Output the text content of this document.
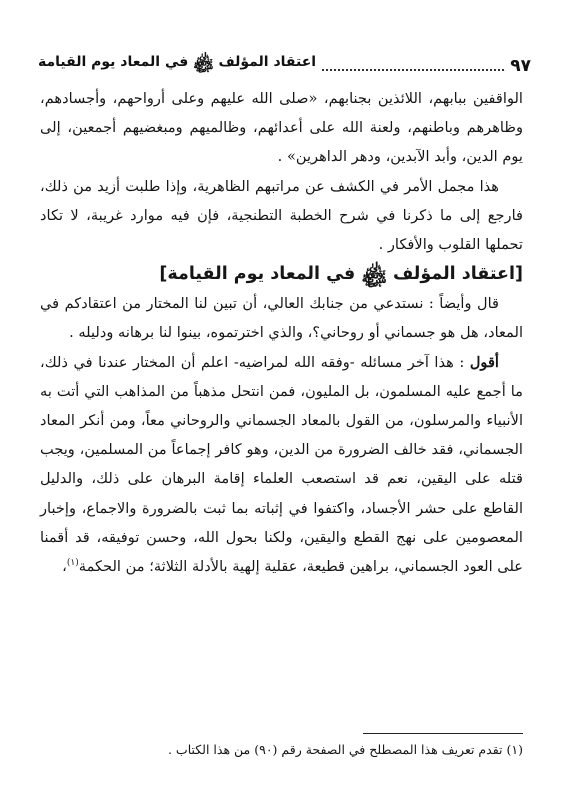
اعتقاد المؤلف ﷾ في المعاد يوم القيامة	٩٧

الواقفين ببابهم، اللائذين بجنابهم، «صلى الله عليهم وعلى أرواحهم، وأجسادهم، وظاهرهم وباطنهم، ولعنة الله على أعدائهم، وظالميهم ومبغضيهم أجمعين، إلى يوم الدين، وأبد الآبدين، ودهر الداهرين» .

هذا مجمل الأمر في الكشف عن مراتبهم الظاهرية، وإذا طلبت أزيد من ذلك، فارجع إلى ما ذكرنا في شرح الخطبة التطنجية، فإن فيه موارد غريبة، لا تكاد تحملها القلوب والأفكار .

[اعتقاد المؤلف ﷾ في المعاد يوم القيامة]

قال وأيضاً : نستدعي من جنابك العالي، أن تبين لنا المختار من اعتقادكم في المعاد، هل هو جسماني أو روحاني؟، والذي اخترتموه، بينوا لنا برهانه ودليله .

أقول : هذا آخر مسائله -وفقه الله لمراضيه- اعلم أن المختار عندنا في ذلك، ما أجمع عليه المسلمون، بل المليون، فمن انتحل مذهباً من المذاهب التي أتت به الأنبياء والمرسلون، من القول بالمعاد الجسماني والروحاني معاً، ومن أنكر المعاد الجسماني، فقد خالف الضرورة من الدين، وهو كافر إجماعاً من المسلمين، ويجب قتله على اليقين، نعم قد استصعب العلماء إقامة البرهان على ذلك، والدليل القاطع على حشر الأجساد، واكتفوا في إثباته بما ثبت بالضرورة والاجماع، وإخبار المعصومين على نهج القطع واليقين، ولكنا بحول الله، وحسن توفيقه، قد أقمنا على العود الجسماني، براهين قطيعة، عقلية إلهية بالأدلة الثلاثة؛ من الحكمة$^{(١)}$،

(١) تقدم تعريف هذا المصطلح في الصفحة رقم (٩٠) من هذا الكتاب .
